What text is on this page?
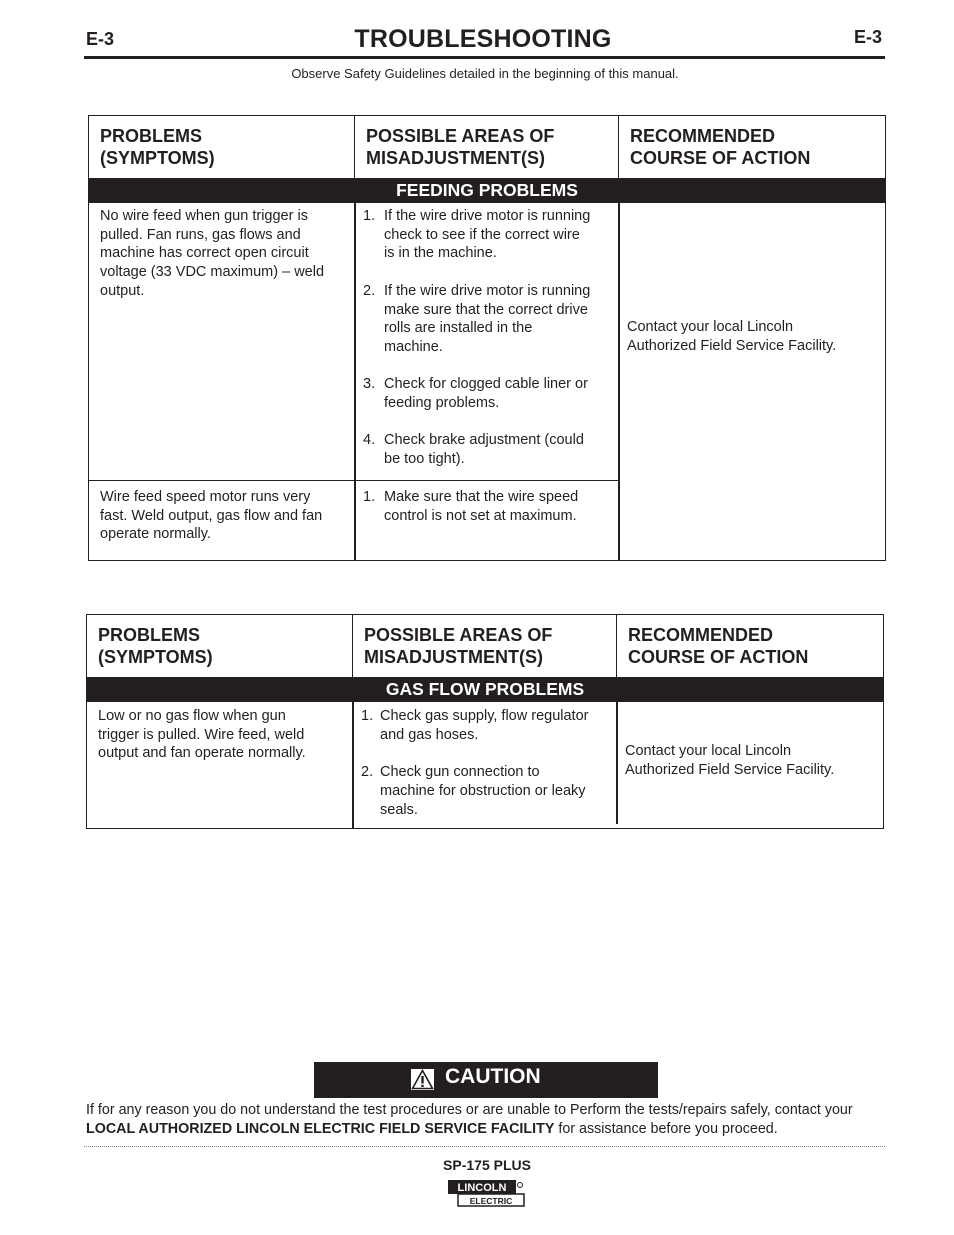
E-3	TROUBLESHOOTING	E-3
Observe Safety Guidelines detailed in the beginning of this manual.
PROBLEMS
(SYMPTOMS)
POSSIBLE AREAS OF
MISADJUSTMENT(S)
RECOMMENDED
COURSE OF ACTION
FEEDING PROBLEMS
No wire feed when gun trigger is
pulled. Fan runs, gas flows and
machine has correct open circuit
voltage (33 VDC maximum) – weld
output.
1. If the wire drive motor is running
check to see if the correct wire
is in the machine.
2. If the wire drive motor is running
make sure that the correct drive
rolls are installed in the
machine.
3. Check for clogged cable liner or
feeding problems.
4. Check brake adjustment (could
be too tight).
Wire feed speed motor runs very
fast. Weld output, gas flow and fan
operate normally.
1. Make sure that the wire speed
control is not set at maximum.
Contact your local Lincoln
Authorized Field Service Facility.
PROBLEMS
(SYMPTOMS)
POSSIBLE AREAS OF
MISADJUSTMENT(S)
RECOMMENDED
COURSE OF ACTION
GAS FLOW PROBLEMS
Low or no gas flow when gun
trigger is pulled. Wire feed, weld
output and fan operate normally.
1. Check gas supply, flow regulator
and gas hoses.
2. Check gun connection to
machine for obstruction or leaky
seals.
Contact your local Lincoln
Authorized Field Service Facility.
CAUTION
If for any reason you do not understand the test procedures or are unable to Perform the tests/repairs safely, contact your
LOCAL AUTHORIZED LINCOLN ELECTRIC FIELD SERVICE FACILITY for assistance before you proceed.
SP-175 PLUS
LINCOLN
ELECTRIC
